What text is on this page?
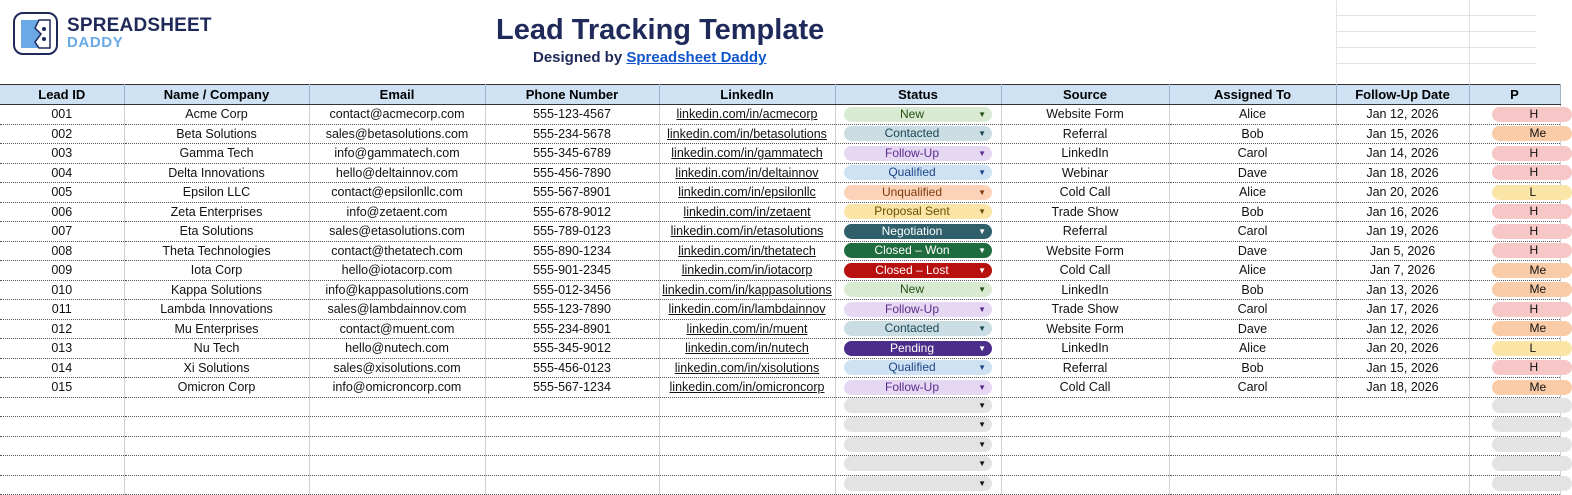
SPREADSHEET
DADDY	Lead Tracking Template
Designed by Spreadsheet Daddy
Lead ID	Name / Company	Email	Phone Number	LinkedIn	Status	Source	Assigned To	Follow-Up Date	P
001	Acme Corp	contact@acmecorp.com	555-123-4567	linkedin.com/in/acmecorp	New ▼	Website Form	Alice	Jan 12, 2026	H
002	Beta Solutions	sales@betasolutions.com	555-234-5678	linkedin.com/in/betasolutions	Contacted ▼	Referral	Bob	Jan 15, 2026	Me
003	Gamma Tech	info@gammatech.com	555-345-6789	linkedin.com/in/gammatech	Follow-Up ▼	LinkedIn	Carol	Jan 14, 2026	H
004	Delta Innovations	hello@deltainnov.com	555-456-7890	linkedin.com/in/deltainnov	Qualified ▼	Webinar	Dave	Jan 18, 2026	H
005	Epsilon LLC	contact@epsilonllc.com	555-567-8901	linkedin.com/in/epsilonllc	Unqualified ▼	Cold Call	Alice	Jan 20, 2026	L
006	Zeta Enterprises	info@zetaent.com	555-678-9012	linkedin.com/in/zetaent	Proposal Sent ▼	Trade Show	Bob	Jan 16, 2026	H
007	Eta Solutions	sales@etasolutions.com	555-789-0123	linkedin.com/in/etasolutions	Negotiation ▼	Referral	Carol	Jan 19, 2026	H
008	Theta Technologies	contact@thetatech.com	555-890-1234	linkedin.com/in/thetatech	Closed – Won ▼	Website Form	Dave	Jan 5, 2026	H
009	Iota Corp	hello@iotacorp.com	555-901-2345	linkedin.com/in/iotacorp	Closed – Lost ▼	Cold Call	Alice	Jan 7, 2026	Me
010	Kappa Solutions	info@kappasolutions.com	555-012-3456	linkedin.com/in/kappasolutions	New ▼	LinkedIn	Bob	Jan 13, 2026	Me
011	Lambda Innovations	sales@lambdainnov.com	555-123-7890	linkedin.com/in/lambdainnov	Follow-Up ▼	Trade Show	Carol	Jan 17, 2026	H
012	Mu Enterprises	contact@muent.com	555-234-8901	linkedin.com/in/muent	Contacted ▼	Website Form	Dave	Jan 12, 2026	Me
013	Nu Tech	hello@nutech.com	555-345-9012	linkedin.com/in/nutech	Pending ▼	LinkedIn	Alice	Jan 20, 2026	L
014	Xi Solutions	sales@xisolutions.com	555-456-0123	linkedin.com/in/xisolutions	Qualified ▼	Referral	Bob	Jan 15, 2026	H
015	Omicron Corp	info@omicroncorp.com	555-567-1234	linkedin.com/in/omicroncorp	Follow-Up ▼	Cold Call	Carol	Jan 18, 2026	Me

					▼				

					▼				

					▼				

					▼				

					▼				
